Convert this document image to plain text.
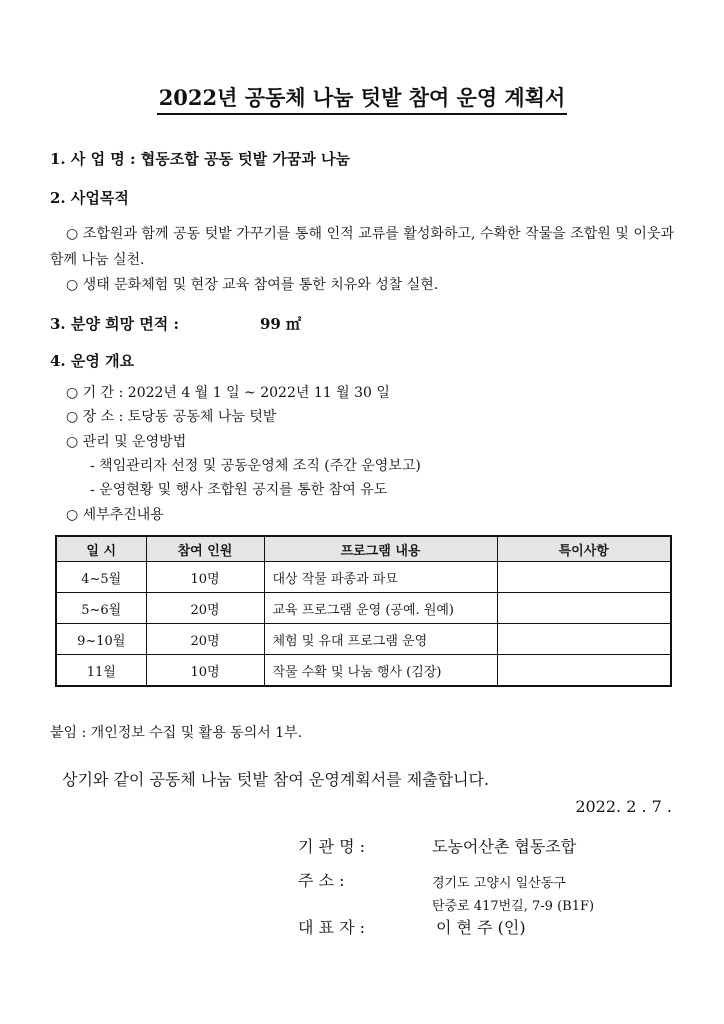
2022년 공동체 나눔 텃밭 참여 운영 계획서
1. 사 업 명 : 협동조합 공동 텃밭 가꿈과 나눔
2. 사업목적
○ 조합원과 함께 공동 텃밭 가꾸기를 통해 인적 교류를 활성화하고, 수확한 작물을 조합원 및 이웃과 함께 나눔 실천.
○ 생태 문화체험 및 현장 교육 참여를 통한 치유와 성찰 실현.
3. 분양 희망 면적 :	99 ㎡
4. 운영 개요
○ 기 간 : 2022년 4 월 1 일 ~ 2022년 11 월 30 일
○ 장 소 : 토당동 공동체 나눔 텃밭
○ 관리 및 운영방법
- 책임관리자 선정 및 공동운영체 조직 (주간 운영보고)
- 운영현황 및 행사 조합원 공지를 통한 참여 유도
○ 세부추진내용
일 시	참여 인원	프로그램 내용	특이사항
4~5월	10명	대상 작물 파종과 파묘	
5~6월	20명	교육 프로그램 운영 (공예. 원예)	
9~10월	20명	체험 및 유대 프로그램 운영	
11월	10명	작물 수확 및 나눔 행사 (김장)	
붙임 : 개인정보 수집 및 활용 동의서 1부.
상기와 같이 공동체 나눔 텃밭 참여 운영계획서를 제출합니다.
2022. 2 . 7 .
기 관 명 :	도농어산촌 협동조합
주 소 :	경기도 고양시 일산동구
탄중로 417번길, 7-9 (B1F)
대 표 자 :	이 현 주 (인)
